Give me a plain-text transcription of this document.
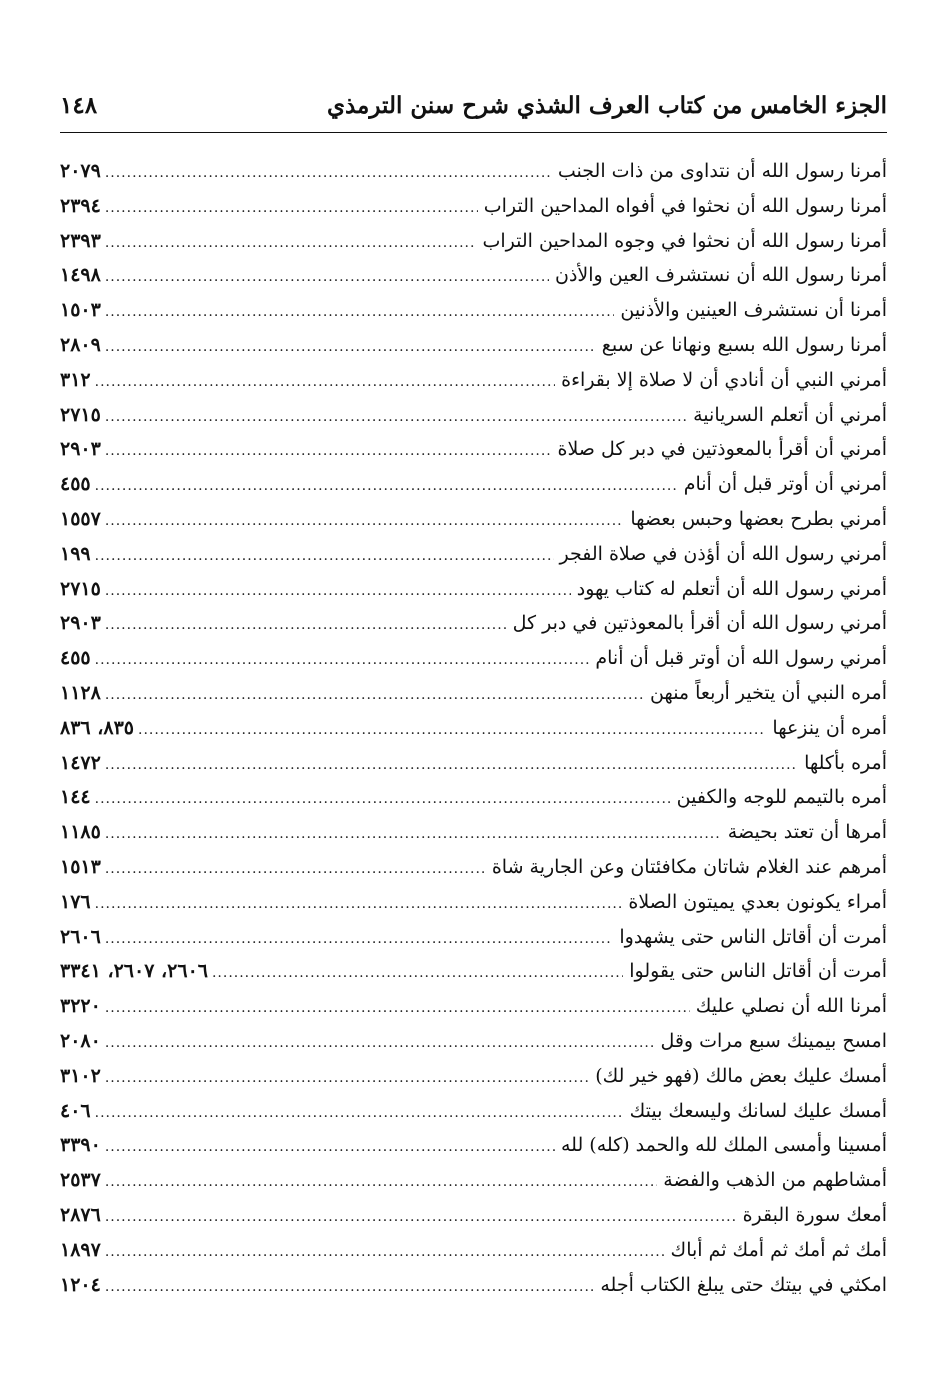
الجزء الخامس من كتاب العرف الشذي شرح سنن الترمذي
١٤٨
أمرنا رسول الله أن نتداوى من ذات الجنب
.....
٢٠٧٩
أمرنا رسول الله أن نحثوا في أفواه المداحين التراب
.....
٢٣٩٤
أمرنا رسول الله أن نحثوا في وجوه المداحين التراب
.....
٢٣٩٣
أمرنا رسول الله أن نستشرف العين والأذن
.....
١٤٩٨
أمرنا أن نستشرف العينين والأذنين
.....
١٥٠٣
أمرنا رسول الله بسبع ونهانا عن سبع
.....
٢٨٠٩
أمرني النبي أن أنادي أن لا صلاة إلا بقراءة
.....
٣١٢
أمرني أن أتعلم السريانية
.....
٢٧١٥
أمرني أن أقرأ بالمعوذتين في دبر كل صلاة
.....
٢٩٠٣
أمرني أن أوتر قبل أن أنام
.....
٤٥٥
أمرني بطرح بعضها وحبس بعضها
.....
١٥٥٧
أمرني رسول الله أن أؤذن في صلاة الفجر
.....
١٩٩
أمرني رسول الله أن أتعلم له كتاب يهود
.....
٢٧١٥
أمرني رسول الله أن أقرأ بالمعوذتين في دبر كل
.....
٢٩٠٣
أمرني رسول الله أن أوتر قبل أن أنام
.....
٤٥٥
أمره النبي أن يتخير أربعاً منهن
.....
١١٢٨
أمره أن ينزعها
.....
٨٣٥، ٨٣٦
أمره بأكلها
.....
١٤٧٢
أمره بالتيمم للوجه والكفين
.....
١٤٤
أمرها أن تعتد بحيضة
.....
١١٨٥
أمرهم عند الغلام شاتان مكافئتان وعن الجارية شاة
.....
١٥١٣
أمراء يكونون بعدي يميتون الصلاة
.....
١٧٦
أمرت أن أقاتل الناس حتى يشهدوا
.....
٢٦٠٦
أمرت أن أقاتل الناس حتى يقولوا
.....
٢٦٠٦، ٢٦٠٧، ٣٣٤١
أمرنا الله أن نصلي عليك
.....
٣٢٢٠
امسح بيمينك سبع مرات وقل
.....
٢٠٨٠
أمسك عليك بعض مالك (فهو خير لك)
.....
٣١٠٢
أمسك عليك لسانك وليسعك بيتك
.....
٤٠٦
أمسينا وأمسى الملك لله والحمد (كله) لله
.....
٣٣٩٠
أمشاطهم من الذهب والفضة
.....
٢٥٣٧
أمعك سورة البقرة
.....
٢٨٧٦
أمك ثم أمك ثم أمك ثم أباك
.....
١٨٩٧
امكثي في بيتك حتى يبلغ الكتاب أجله
.....
١٢٠٤
